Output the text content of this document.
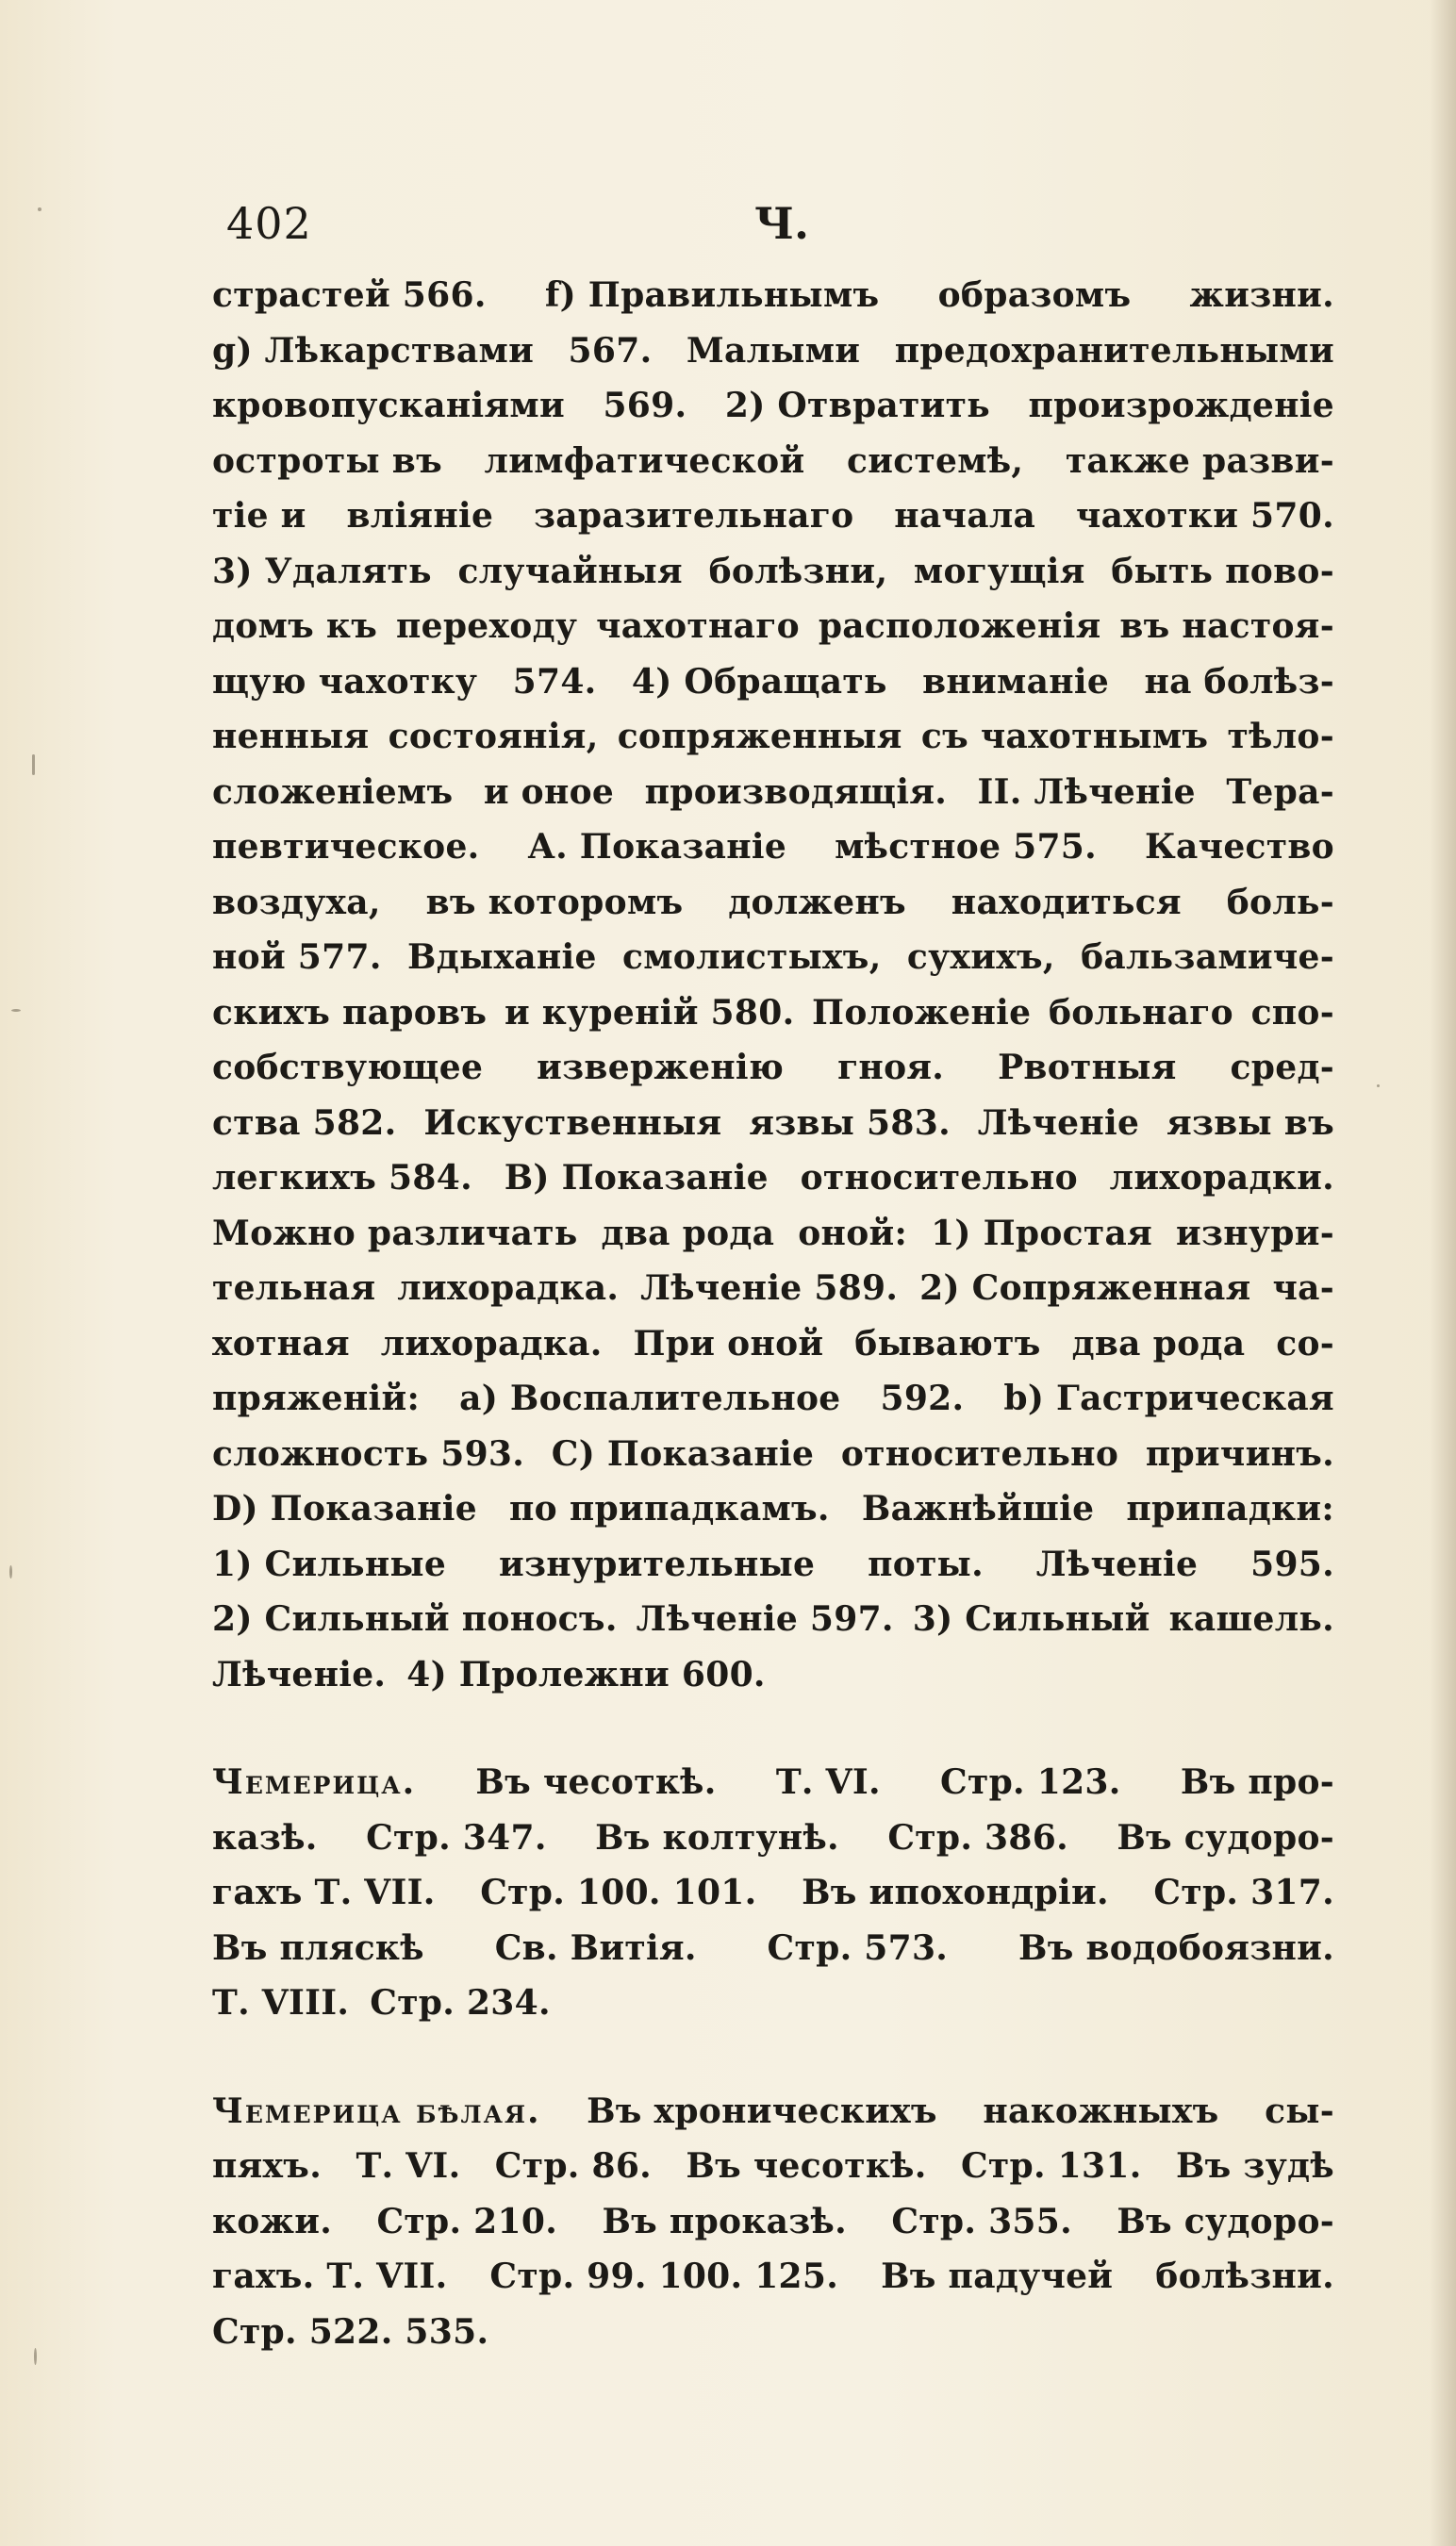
402	Ч.
страстей 566. f) Правильнымъ образомъ жизни.
g) Лѣкарствами 567. Малыми предохранительными
кровопусканіями 569. 2) Отвратить произрожденіе
остроты въ лимфатической системѣ, также разви-
тіе и вліяніе заразительнаго начала чахотки 570.
3) Удалять случайныя болѣзни, могущія быть пово-
домъ къ переходу чахотнаго расположенія въ настоя-
щую чахотку 574. 4) Обращать вниманіе на болѣз-
ненныя состоянія, сопряженныя съ чахотнымъ тѣло-
сложеніемъ и оное производящія. II. Лѣченіе Тера-
певтическое. А. Показаніе мѣстное 575. Качество
воздуха, въ которомъ долженъ находиться боль-
ной 577. Вдыханіе смолистыхъ, сухихъ, бальзамиче-
скихъ паровъ и куреній 580. Положеніе больнаго спо-
собствующее изверженію гноя. Рвотныя сред-
ства 582. Искуственныя язвы 583. Лѣченіе язвы въ
легкихъ 584. В) Показаніе относительно лихорадки.
Можно различать два рода оной: 1) Простая изнури-
тельная лихорадка. Лѣченіе 589. 2) Сопряженная ча-
хотная лихорадка. При оной бываютъ два рода со-
пряженій: а) Воспалительное 592. b) Гастрическая
сложность 593. С) Показаніе относительно причинъ.
D) Показаніе по припадкамъ. Важнѣйшіе припадки:
1) Сильные изнурительные поты. Лѣченіе 595.
2) Сильный поносъ. Лѣченіе 597. 3) Сильный кашель.
Лѣченіе. 4) Пролежни 600.
Чемерица. Въ чесоткѣ. Т. VI. Стр. 123. Въ про-
казѣ. Стр. 347. Въ колтунѣ. Стр. 386. Въ судоро-
гахъ Т. VII. Стр. 100. 101. Въ ипохондріи. Стр. 317.
Въ пляскѣ Св. Витія. Стр. 573. Въ водобоязни.
Т. VIII. Стр. 234.
Чемерица бѣлая. Въ хроническихъ накожныхъ сы-
пяхъ. Т. VI. Стр. 86. Въ чесоткѣ. Стр. 131. Въ зудѣ
кожи. Стр. 210. Въ проказѣ. Стр. 355. Въ судоро-
гахъ. Т. VII. Стр. 99. 100. 125. Въ падучей болѣзни.
Стр. 522. 535.
